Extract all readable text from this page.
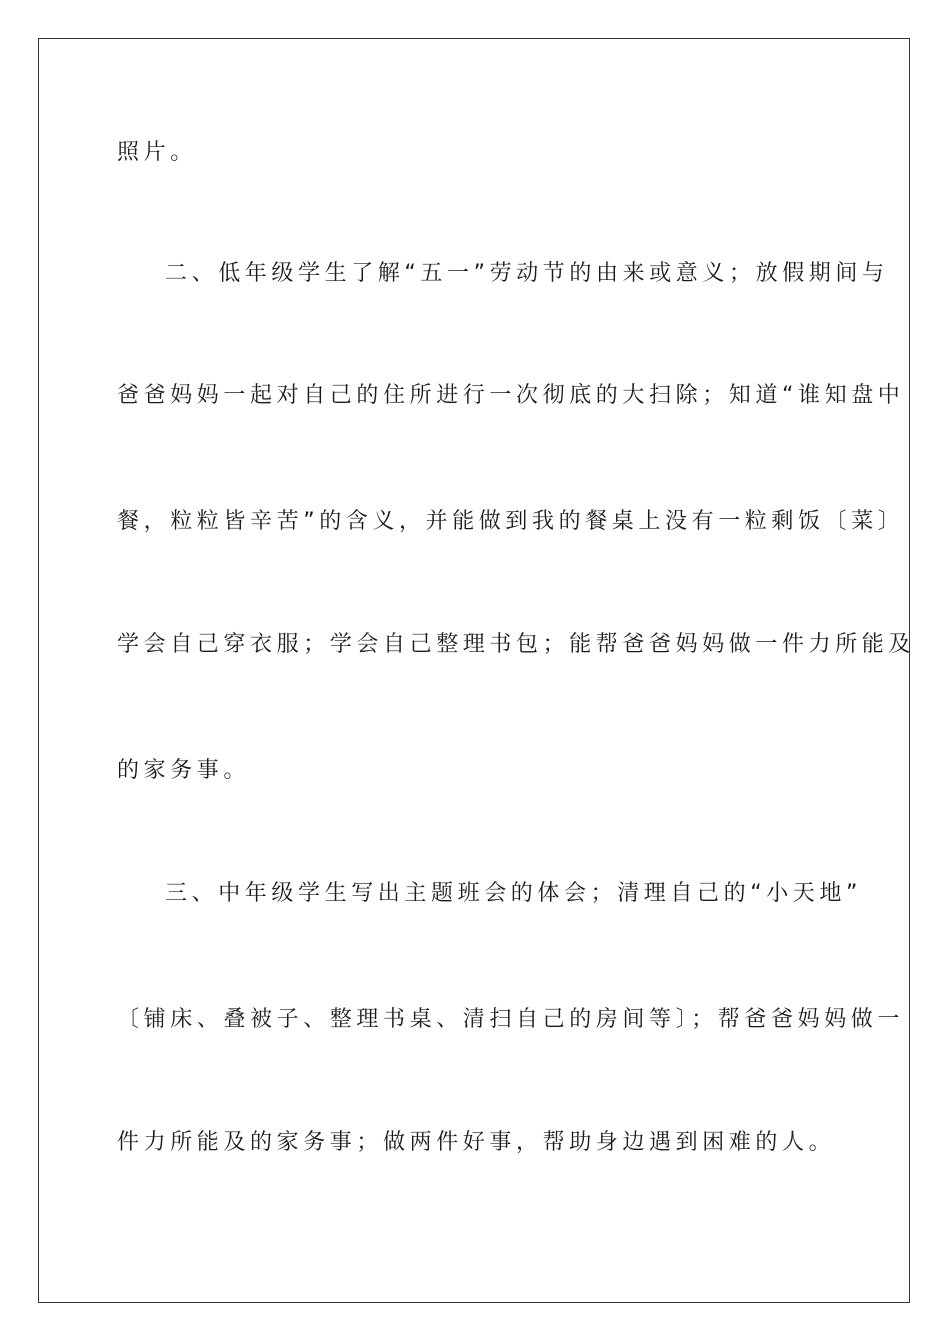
照片。
二、低年级学生了解“五一”劳动节的由来或意义；放假期间与
爸爸妈妈一起对自己的住所进行一次彻底的大扫除；知道“谁知盘中
餐，粒粒皆辛苦”的含义，并能做到我的餐桌上没有一粒剩饭〔菜〕
学会自己穿衣服；学会自己整理书包；能帮爸爸妈妈做一件力所能及
的家务事。
三、中年级学生写出主题班会的体会；清理自己的“小天地”
〔铺床、叠被子、整理书桌、清扫自己的房间等〕；帮爸爸妈妈做一
件力所能及的家务事；做两件好事，帮助身边遇到困难的人。
